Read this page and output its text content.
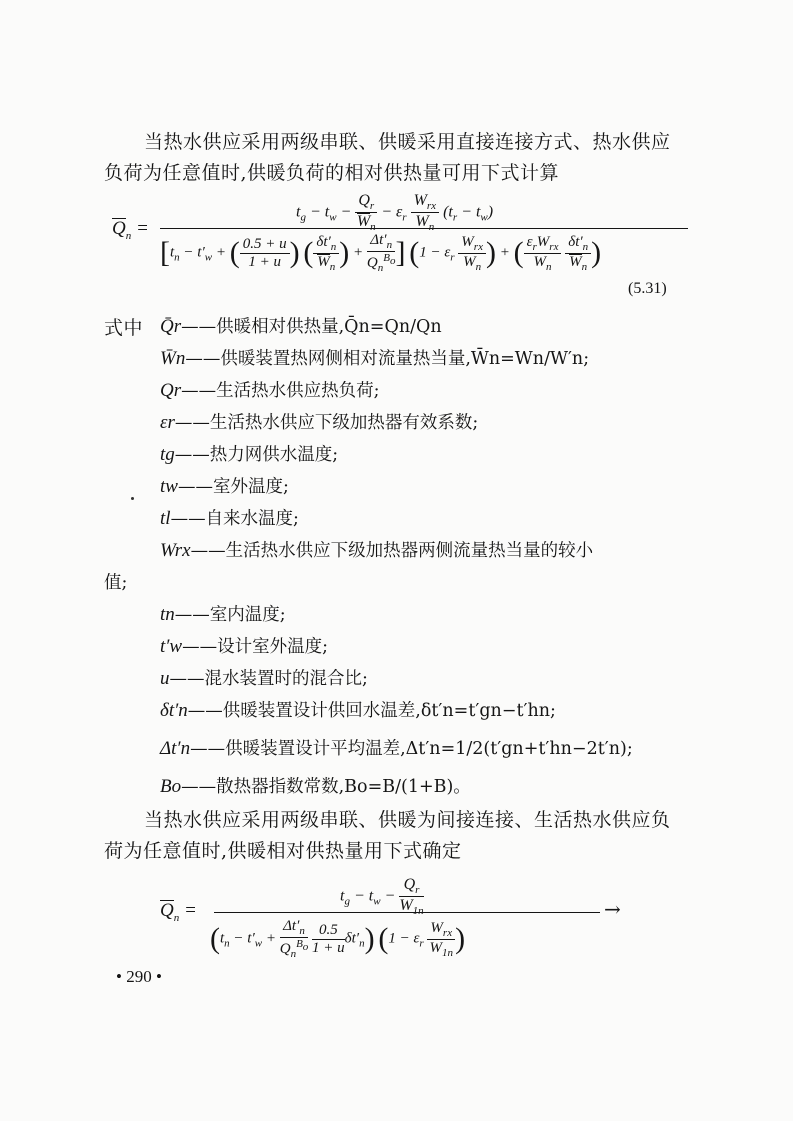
当热水供应采用两级串联、供暖采用直接连接方式、热水供应
负荷为任意值时,供暖负荷的相对供热量可用下式计算
$Q_n$ =
$t_g - t_w - \frac{Q_r}{W_n} - \varepsilon_r \frac{W_{rx}}{W_n} (t_r - t_w)$
[$t_n - t'_w$ + ( $\frac{0.5 + u}{1 + u}$ ) ( $\frac{\delta t'_n}{W_n}$ ) + $\frac{\Delta t'_n}{Q_n^{B_o}}$ ] ($1 - \varepsilon_r \frac{W_{rx}}{W_n}$ ) + ( $\frac{\varepsilon_rW_{rx}}{W_n}$
$\frac{\delta t'_n}{W_n}$ )
(5.31)
式中 Q̄r——供暖相对供热量,Q̄n=Qn/Qn
W̄n——供暖装置热网侧相对流量热当量,W̄n=Wn/W′n;
Qr——生活热水供应热负荷;
εr——生活热水供应下级加热器有效系数;
tg——热力网供水温度;
tw——室外温度;
tl——自来水温度;
Wrx——生活热水供应下级加热器两侧流量热当量的较小
值;
tn——室内温度;
t′w——设计室外温度;
u——混水装置时的混合比;
δt′n——供暖装置设计供回水温差,δt′n=t′gn−t′hn;
Δt′n——供暖装置设计平均温差,Δt′n=1/2(t′gn+t′hn−2t′n);
Bo——散热器指数常数,Bo=B/(1+B)。
当热水供应采用两级串联、供暖为间接连接、生活热水供应负
荷为任意值时,供暖相对供热量用下式确定
$Q_n$ =
$t_g - t_w - \frac{Q_r}{W_{1n}}$
($t_n - t'_w + \frac{\Delta t'_n}{Q_n^{B_o}}$
$\frac{0.5}{1 + u} \delta t'_n$) ($1 - \varepsilon_r \frac{W_{rx}}{W_{1n}}$ )
→
• 290 •
